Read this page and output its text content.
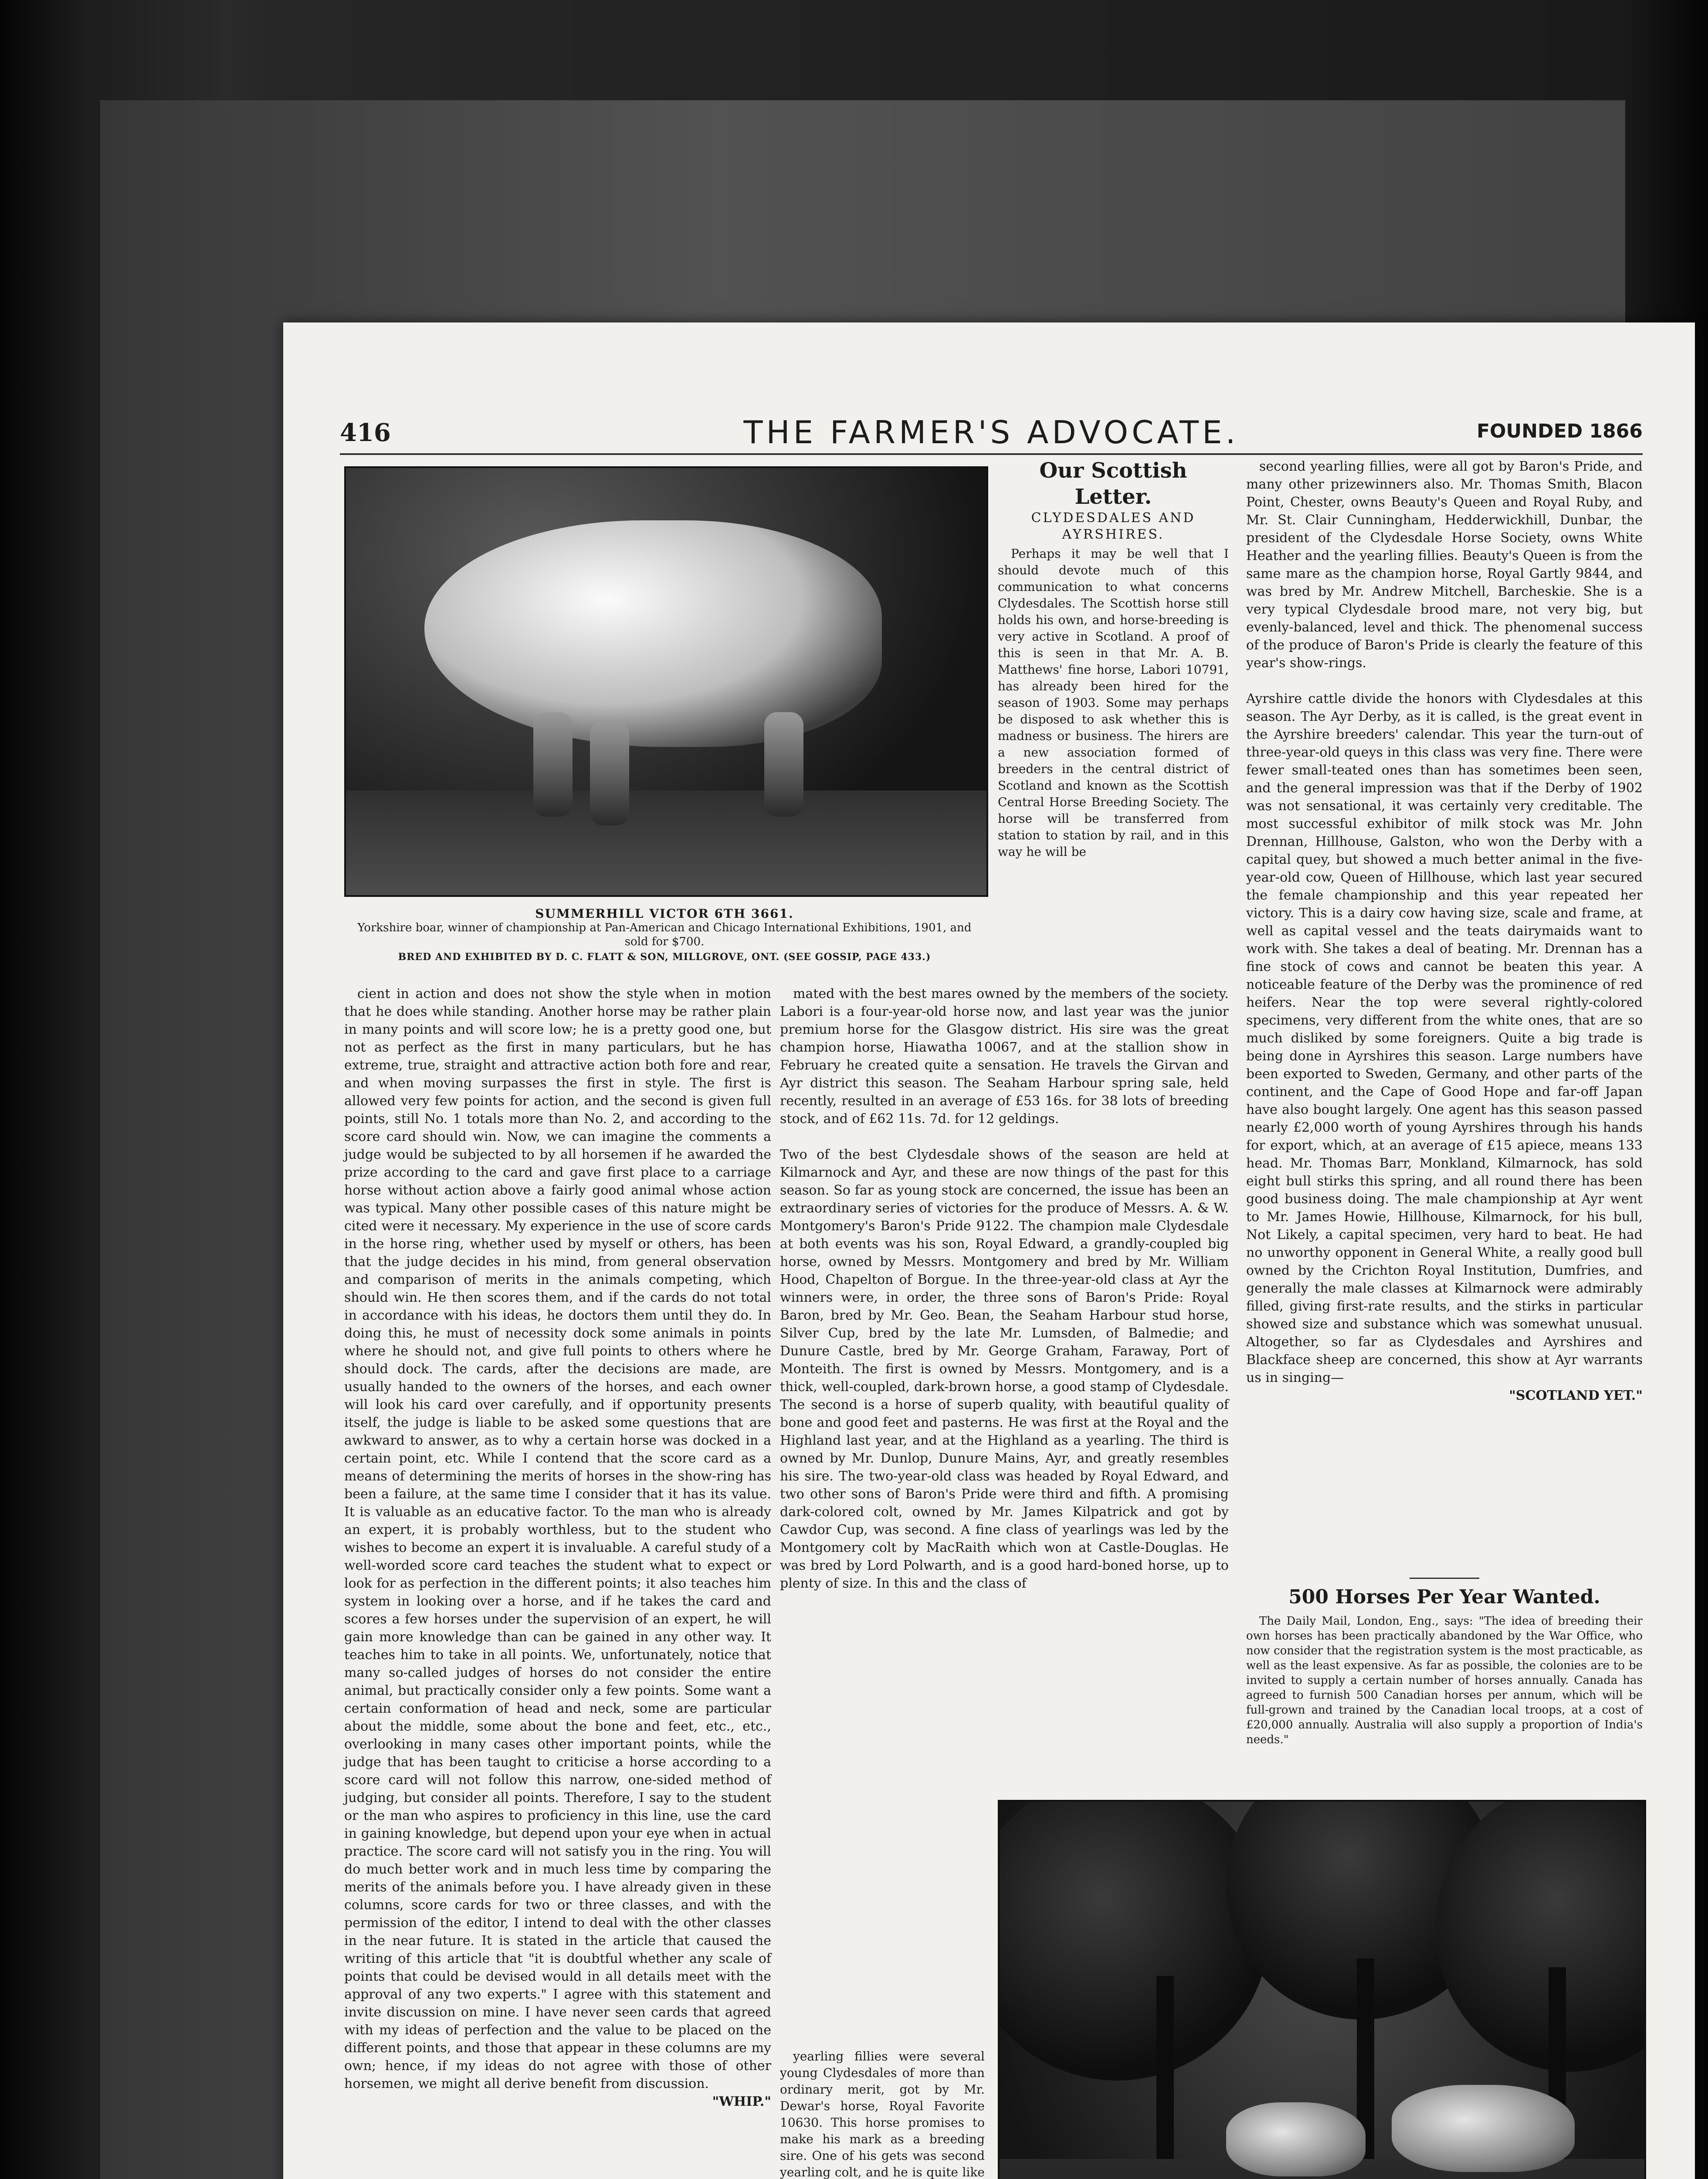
416	THE FARMER'S ADVOCATE.	FOUNDED 1866
SUMMERHILL VICTOR 6TH 3661.
Yorkshire boar, winner of championship at Pan-American and Chicago International Exhibitions, 1901, and sold for $700.
BRED AND EXHIBITED BY D. C. FLATT & SON, MILLGROVE, ONT. (SEE GOSSIP, PAGE 433.)

cient in action and does not show the style when in motion that he does while standing. Another horse may be rather plain in many points and will score low; he is a pretty good one, but not as perfect as the first in many particulars, but he has extreme, true, straight and attractive action both fore and rear, and when moving surpasses the first in style. The first is allowed very few points for action, and the second is given full points, still No. 1 totals more than No. 2, and according to the score card should win. Now, we can imagine the comments a judge would be subjected to by all horsemen if he awarded the prize according to the card and gave first place to a carriage horse without action above a fairly good animal whose action was typical. Many other possible cases of this nature might be cited were it necessary. My experience in the use of score cards in the horse ring, whether used by myself or others, has been that the judge decides in his mind, from general observation and comparison of merits in the animals competing, which should win. He then scores them, and if the cards do not total in accordance with his ideas, he doctors them until they do. In doing this, he must of necessity dock some animals in points where he should not, and give full points to others where he should dock. The cards, after the decisions are made, are usually handed to the owners of the horses, and each owner will look his card over carefully, and if opportunity presents itself, the judge is liable to be asked some questions that are awkward to answer, as to why a certain horse was docked in a certain point, etc. While I contend that the score card as a means of determining the merits of horses in the show-ring has been a failure, at the same time I consider that it has its value. It is valuable as an educative factor. To the man who is already an expert, it is probably worthless, but to the student who wishes to become an expert it is invaluable. A careful study of a well-worded score card teaches the student what to expect or look for as perfection in the different points; it also teaches him system in looking over a horse, and if he takes the card and scores a few horses under the supervision of an expert, he will gain more knowledge than can be gained in any other way. It teaches him to take in all points. We, unfortunately, notice that many so-called judges of horses do not consider the entire animal, but practically consider only a few points. Some want a certain conformation of head and neck, some are particular about the middle, some about the bone and feet, etc., etc., overlooking in many cases other important points, while the judge that has been taught to criticise a horse according to a score card will not follow this narrow, one-sided method of judging, but consider all points. Therefore, I say to the student or the man who aspires to proficiency in this line, use the card in gaining knowledge, but depend upon your eye when in actual practice. The score card will not satisfy you in the ring. You will do much better work and in much less time by comparing the merits of the animals before you. I have already given in these columns, score cards for two or three classes, and with the permission of the editor, I intend to deal with the other classes in the near future. It is stated in the article that caused the writing of this article that "it is doubtful whether any scale of points that could be devised would in all details meet with the approval of any two experts." I agree with this statement and invite discussion on mine. I have never seen cards that agreed with my ideas of perfection and the value to be placed on the different points, and those that appear in these columns are my own; hence, if my ideas do not agree with those of other horsemen, we might all derive benefit from discussion.

"WHIP."
Our Scottish Letter.
CLYDESDALES AND AYRSHIRES.

Perhaps it may be well that I should devote much of this communication to what concerns Clydesdales. The Scottish horse still holds his own, and horse-breeding is very active in Scotland. A proof of this is seen in that Mr. A. B. Matthews' fine horse, Labori 10791, has already been hired for the season of 1903. Some may perhaps be disposed to ask whether this is madness or business. The hirers are a new association formed of breeders in the central district of Scotland and known as the Scottish Central Horse Breeding Society. The horse will be transferred from station to station by rail, and in this way he will be

mated with the best mares owned by the members of the society. Labori is a four-year-old horse now, and last year was the junior premium horse for the Glasgow district. His sire was the great champion horse, Hiawatha 10067, and at the stallion show in February he created quite a sensation. He travels the Girvan and Ayr district this season. The Seaham Harbour spring sale, held recently, resulted in an average of £53 16s. for 38 lots of breeding stock, and of £62 11s. 7d. for 12 geldings.

Two of the best Clydesdale shows of the season are held at Kilmarnock and Ayr, and these are now things of the past for this season. So far as young stock are concerned, the issue has been an extraordinary series of victories for the produce of Messrs. A. & W. Montgomery's Baron's Pride 9122. The champion male Clydesdale at both events was his son, Royal Edward, a grandly-coupled big horse, owned by Messrs. Montgomery and bred by Mr. William Hood, Chapelton of Borgue. In the three-year-old class at Ayr the winners were, in order, the three sons of Baron's Pride: Royal Baron, bred by Mr. Geo. Bean, the Seaham Harbour stud horse, Silver Cup, bred by the late Mr. Lumsden, of Balmedie; and Dunure Castle, bred by Mr. George Graham, Faraway, Port of Monteith. The first is owned by Messrs. Montgomery, and is a thick, well-coupled, dark-brown horse, a good stamp of Clydesdale. The second is a horse of superb quality, with beautiful quality of bone and good feet and pasterns. He was first at the Royal and the Highland last year, and at the Highland as a yearling. The third is owned by Mr. Dunlop, Dunure Mains, Ayr, and greatly resembles his sire. The two-year-old class was headed by Royal Edward, and two other sons of Baron's Pride were third and fifth. A promising dark-colored colt, owned by Mr. James Kilpatrick and got by Cawdor Cup, was second. A fine class of yearlings was led by the Montgomery colt by MacRaith which won at Castle-Douglas. He was bred by Lord Polwarth, and is a good hard-boned horse, up to plenty of size. In this and the class of

yearling fillies were several young Clydesdales of more than ordinary merit, got by Mr. Dewar's horse, Royal Favorite 10630. This horse promises to make his mark as a breeding sire. One of his gets was second yearling colt, and he is quite like

second yearling fillies, were all got by Baron's Pride, and many other prizewinners also. Mr. Thomas Smith, Blacon Point, Chester, owns Beauty's Queen and Royal Ruby, and Mr. St. Clair Cunningham, Hedderwickhill, Dunbar, the president of the Clydesdale Horse Society, owns White Heather and the yearling fillies. Beauty's Queen is from the same mare as the champion horse, Royal Gartly 9844, and was bred by Mr. Andrew Mitchell, Barcheskie. She is a very typical Clydesdale brood mare, not very big, but evenly-balanced, level and thick. The phenomenal success of the produce of Baron's Pride is clearly the feature of this year's show-rings.

Ayrshire cattle divide the honors with Clydesdales at this season. The Ayr Derby, as it is called, is the great event in the Ayrshire breeders' calendar. This year the turn-out of three-year-old queys in this class was very fine. There were fewer small-teated ones than has sometimes been seen, and the general impression was that if the Derby of 1902 was not sensational, it was certainly very creditable. The most successful exhibitor of milk stock was Mr. John Drennan, Hillhouse, Galston, who won the Derby with a capital quey, but showed a much better animal in the five-year-old cow, Queen of Hillhouse, which last year secured the female championship and this year repeated her victory. This is a dairy cow having size, scale and frame, at well as capital vessel and the teats dairymaids want to work with. She takes a deal of beating. Mr. Drennan has a fine stock of cows and cannot be beaten this year. A noticeable feature of the Derby was the prominence of red heifers. Near the top were several rightly-colored specimens, very different from the white ones, that are so much disliked by some foreigners. Quite a big trade is being done in Ayrshires this season. Large numbers have been exported to Sweden, Germany, and other parts of the continent, and the Cape of Good Hope and far-off Japan have also bought largely. One agent has this season passed nearly £2,000 worth of young Ayrshires through his hands for export, which, at an average of £15 apiece, means 133 head. Mr. Thomas Barr, Monkland, Kilmarnock, has sold eight bull stirks this spring, and all round there has been good business doing. The male championship at Ayr went to Mr. James Howie, Hillhouse, Kilmarnock, for his bull, Not Likely, a capital specimen, very hard to beat. He had no unworthy opponent in General White, a really good bull owned by the Crichton Royal Institution, Dumfries, and generally the male classes at Kilmarnock were admirably filled, giving first-rate results, and the stirks in particular showed size and substance which was somewhat unusual. Altogether, so far as Clydesdales and Ayrshires and Blackface sheep are concerned, this show at Ayr warrants us in singing—

"SCOTLAND YET."
500 Horses Per Year Wanted.

The Daily Mail, London, Eng., says: "The idea of breeding their own horses has been practically abandoned by the War Office, who now consider that the registration system is the most practicable, as well as the least expensive. As far as possible, the colonies are to be invited to supply a certain number of horses annually. Canada has agreed to furnish 500 Canadian horses per annum, which will be full-grown and trained by the Canadian local troops, at a cost of £20,000 annually. Australia will also supply a proportion of India's needs."
